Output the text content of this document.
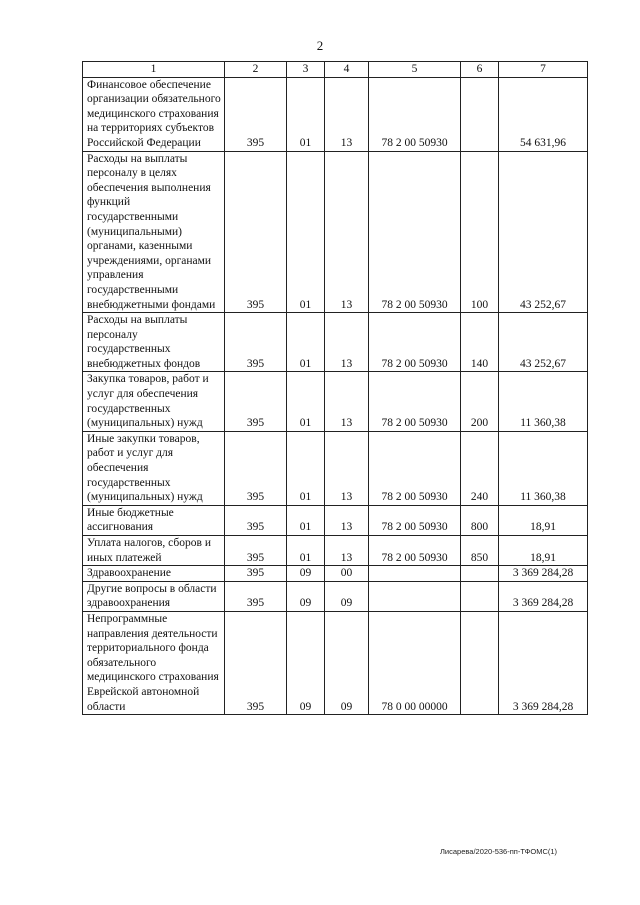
2
1	2	3	4	5	6	7
Финансовое обеспечение организации обязательного медицинского страхования на территориях субъектов Российской Федерации	395	01	13	78 2 00 50930		54 631,96
Расходы на выплаты персоналу в целях обеспечения выполнения функций государственными (муниципальными) органами, казенными учреждениями, органами управления государственными внебюджетными фондами	395	01	13	78 2 00 50930	100	43 252,67
Расходы на выплаты персоналу государственных внебюджетных фондов	395	01	13	78 2 00 50930	140	43 252,67
Закупка товаров, работ и услуг для обеспечения государственных (муниципальных) нужд	395	01	13	78 2 00 50930	200	11 360,38
Иные закупки товаров, работ и услуг для обеспечения государственных (муниципальных) нужд	395	01	13	78 2 00 50930	240	11 360,38
Иные бюджетные ассигнования	395	01	13	78 2 00 50930	800	18,91
Уплата налогов, сборов и иных платежей	395	01	13	78 2 00 50930	850	18,91
Здравоохранение	395	09	00			3 369 284,28
Другие вопросы в области здравоохранения	395	09	09			3 369 284,28
Непрограммные направления деятельности территориального фонда обязательного медицинского страхования Еврейской автономной области	395	09	09	78 0 00 00000		3 369 284,28
Лисарева/2020-536-пп-ТФОМС(1)
